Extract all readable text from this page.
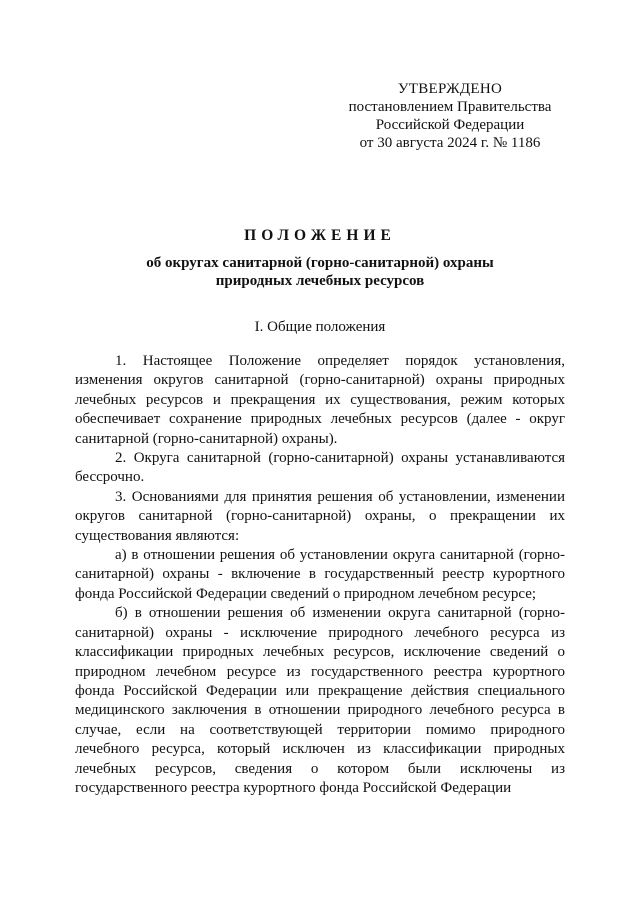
УТВЕРЖДЕНО
постановлением Правительства
Российской Федерации
от 30 августа 2024 г. № 1186
ПОЛОЖЕНИЕ
об округах санитарной (горно-санитарной) охраны
природных лечебных ресурсов
I. Общие положения

1. Настоящее Положение определяет порядок установления, изменения округов санитарной (горно-санитарной) охраны природных лечебных ресурсов и прекращения их существования, режим которых обеспечивает сохранение природных лечебных ресурсов (далее - округ санитарной (горно-санитарной) охраны).

2. Округа санитарной (горно-санитарной) охраны устанавливаются бессрочно.

3. Основаниями для принятия решения об установлении, изменении округов санитарной (горно-санитарной) охраны, о прекращении их существования являются:

а) в отношении решения об установлении округа санитарной (горно-санитарной) охраны - включение в государственный реестр курортного фонда Российской Федерации сведений о природном лечебном ресурсе;

б) в отношении решения об изменении округа санитарной (горно-санитарной) охраны - исключение природного лечебного ресурса из классификации природных лечебных ресурсов, исключение сведений о природном лечебном ресурсе из государственного реестра курортного фонда Российской Федерации или прекращение действия специального медицинского заключения в отношении природного лечебного ресурса в случае, если на соответствующей территории помимо природного лечебного ресурса, который исключен из классификации природных лечебных ресурсов, сведения о котором были исключены из государственного реестра курортного фонда Российской Федерации
